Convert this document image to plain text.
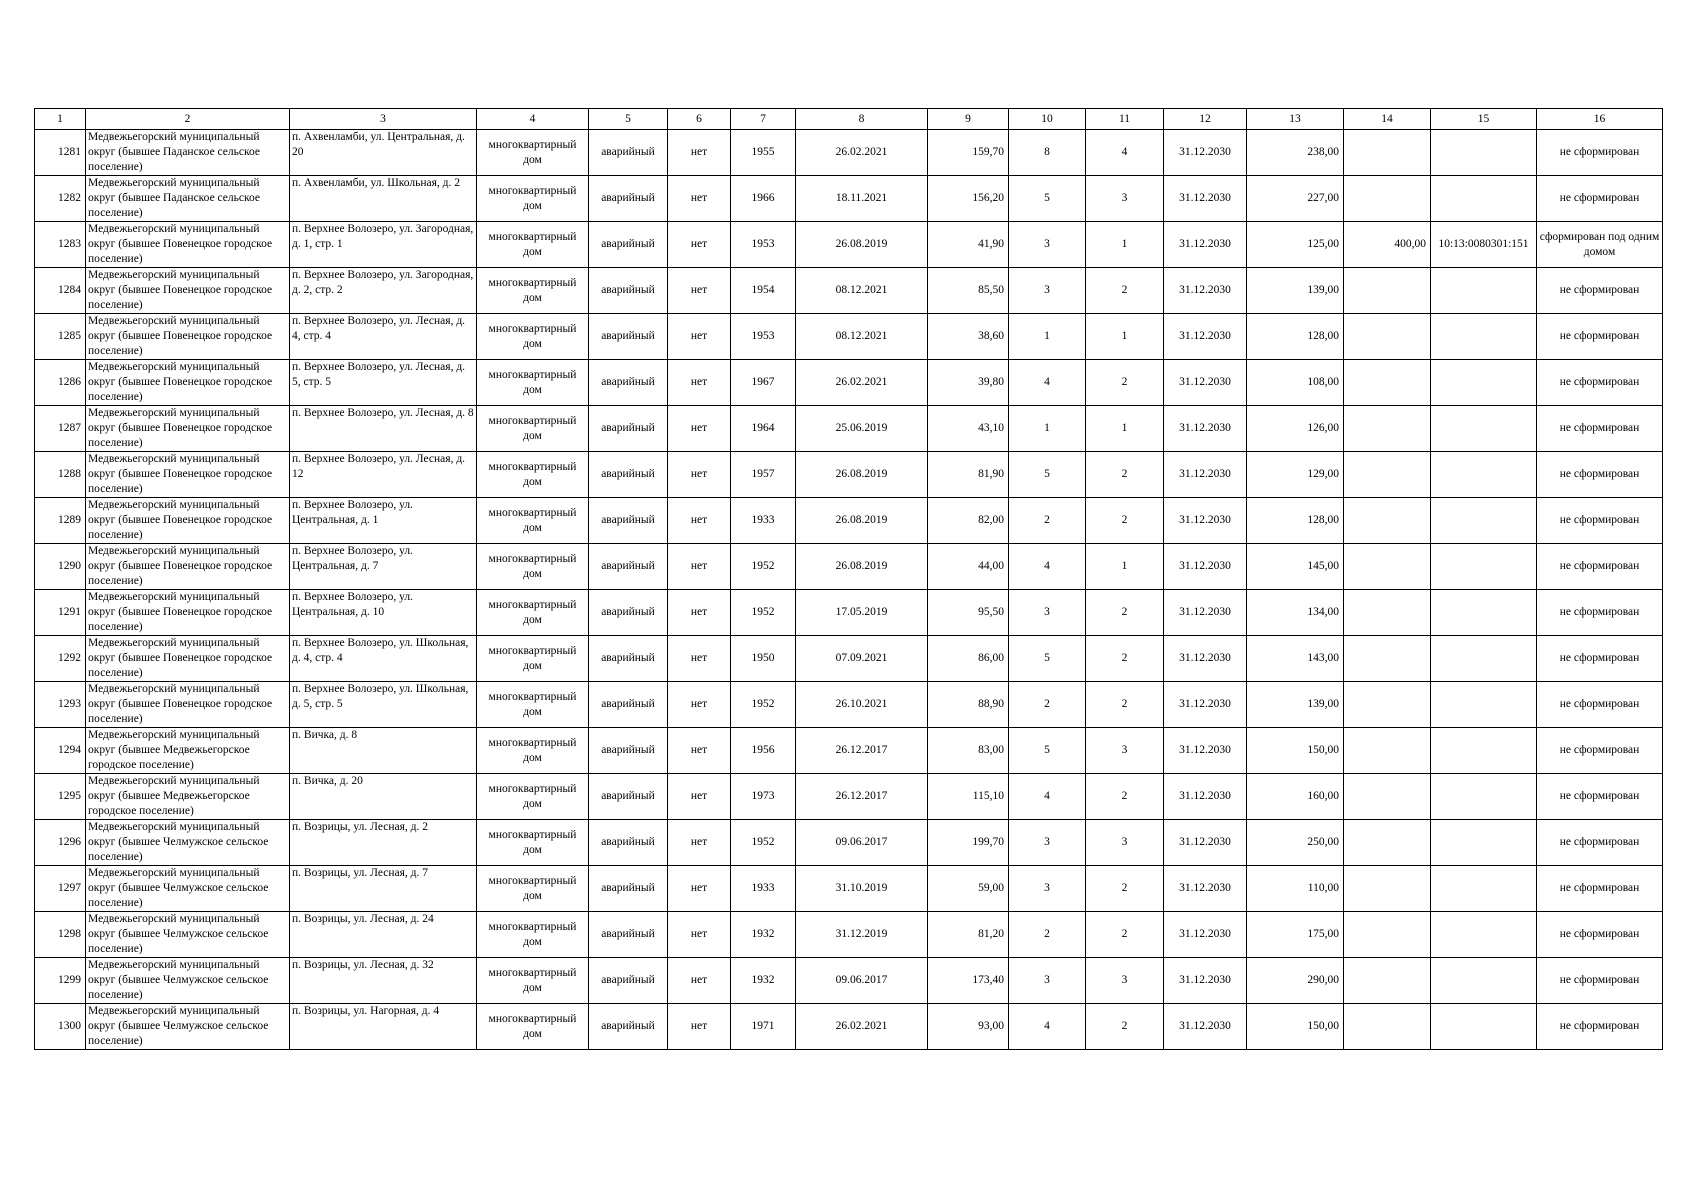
1	2	3	4	5	6	7	8	9	10	11	12	13	14	15	16
1281	Медвежьегорский муниципальный округ (бывшее Паданское сельское поселение)	п. Ахвенламби, ул. Центральная, д. 20	многоквартирный дом	аварийный	нет	1955	26.02.2021	159,70	8	4	31.12.2030	238,00			не сформирован
1282	Медвежьегорский муниципальный округ (бывшее Паданское сельское поселение)	п. Ахвенламби, ул. Школьная, д. 2	многоквартирный дом	аварийный	нет	1966	18.11.2021	156,20	5	3	31.12.2030	227,00			не сформирован
1283	Медвежьегорский муниципальный округ (бывшее Повенецкое городское поселение)	п. Верхнее Волозеро, ул. Загородная, д. 1, стр. 1	многоквартирный дом	аварийный	нет	1953	26.08.2019	41,90	3	1	31.12.2030	125,00	400,00	10:13:0080301:151	сформирован под одним домом
1284	Медвежьегорский муниципальный округ (бывшее Повенецкое городское поселение)	п. Верхнее Волозеро, ул. Загородная, д. 2, стр. 2	многоквартирный дом	аварийный	нет	1954	08.12.2021	85,50	3	2	31.12.2030	139,00			не сформирован
1285	Медвежьегорский муниципальный округ (бывшее Повенецкое городское поселение)	п. Верхнее Волозеро, ул. Лесная, д. 4, стр. 4	многоквартирный дом	аварийный	нет	1953	08.12.2021	38,60	1	1	31.12.2030	128,00			не сформирован
1286	Медвежьегорский муниципальный округ (бывшее Повенецкое городское поселение)	п. Верхнее Волозеро, ул. Лесная, д. 5, стр. 5	многоквартирный дом	аварийный	нет	1967	26.02.2021	39,80	4	2	31.12.2030	108,00			не сформирован
1287	Медвежьегорский муниципальный округ (бывшее Повенецкое городское поселение)	п. Верхнее Волозеро, ул. Лесная, д. 8	многоквартирный дом	аварийный	нет	1964	25.06.2019	43,10	1	1	31.12.2030	126,00			не сформирован
1288	Медвежьегорский муниципальный округ (бывшее Повенецкое городское поселение)	п. Верхнее Волозеро, ул. Лесная, д. 12	многоквартирный дом	аварийный	нет	1957	26.08.2019	81,90	5	2	31.12.2030	129,00			не сформирован
1289	Медвежьегорский муниципальный округ (бывшее Повенецкое городское поселение)	п. Верхнее Волозеро, ул. Центральная, д. 1	многоквартирный дом	аварийный	нет	1933	26.08.2019	82,00	2	2	31.12.2030	128,00			не сформирован
1290	Медвежьегорский муниципальный округ (бывшее Повенецкое городское поселение)	п. Верхнее Волозеро, ул. Центральная, д. 7	многоквартирный дом	аварийный	нет	1952	26.08.2019	44,00	4	1	31.12.2030	145,00			не сформирован
1291	Медвежьегорский муниципальный округ (бывшее Повенецкое городское поселение)	п. Верхнее Волозеро, ул. Центральная, д. 10	многоквартирный дом	аварийный	нет	1952	17.05.2019	95,50	3	2	31.12.2030	134,00			не сформирован
1292	Медвежьегорский муниципальный округ (бывшее Повенецкое городское поселение)	п. Верхнее Волозеро, ул. Школьная, д. 4, стр. 4	многоквартирный дом	аварийный	нет	1950	07.09.2021	86,00	5	2	31.12.2030	143,00			не сформирован
1293	Медвежьегорский муниципальный округ (бывшее Повенецкое городское поселение)	п. Верхнее Волозеро, ул. Школьная, д. 5, стр. 5	многоквартирный дом	аварийный	нет	1952	26.10.2021	88,90	2	2	31.12.2030	139,00			не сформирован
1294	Медвежьегорский муниципальный округ (бывшее Медвежьегорское городское поселение)	п. Вичка, д. 8	многоквартирный дом	аварийный	нет	1956	26.12.2017	83,00	5	3	31.12.2030	150,00			не сформирован
1295	Медвежьегорский муниципальный округ (бывшее Медвежьегорское городское поселение)	п. Вичка, д. 20	многоквартирный дом	аварийный	нет	1973	26.12.2017	115,10	4	2	31.12.2030	160,00			не сформирован
1296	Медвежьегорский муниципальный округ (бывшее Челмужское сельское поселение)	п. Возрицы, ул. Лесная, д. 2	многоквартирный дом	аварийный	нет	1952	09.06.2017	199,70	3	3	31.12.2030	250,00			не сформирован
1297	Медвежьегорский муниципальный округ (бывшее Челмужское сельское поселение)	п. Возрицы, ул. Лесная, д. 7	многоквартирный дом	аварийный	нет	1933	31.10.2019	59,00	3	2	31.12.2030	110,00			не сформирован
1298	Медвежьегорский муниципальный округ (бывшее Челмужское сельское поселение)	п. Возрицы, ул. Лесная, д. 24	многоквартирный дом	аварийный	нет	1932	31.12.2019	81,20	2	2	31.12.2030	175,00			не сформирован
1299	Медвежьегорский муниципальный округ (бывшее Челмужское сельское поселение)	п. Возрицы, ул. Лесная, д. 32	многоквартирный дом	аварийный	нет	1932	09.06.2017	173,40	3	3	31.12.2030	290,00			не сформирован
1300	Медвежьегорский муниципальный округ (бывшее Челмужское сельское поселение)	п. Возрицы, ул. Нагорная, д. 4	многоквартирный дом	аварийный	нет	1971	26.02.2021	93,00	4	2	31.12.2030	150,00			не сформирован
